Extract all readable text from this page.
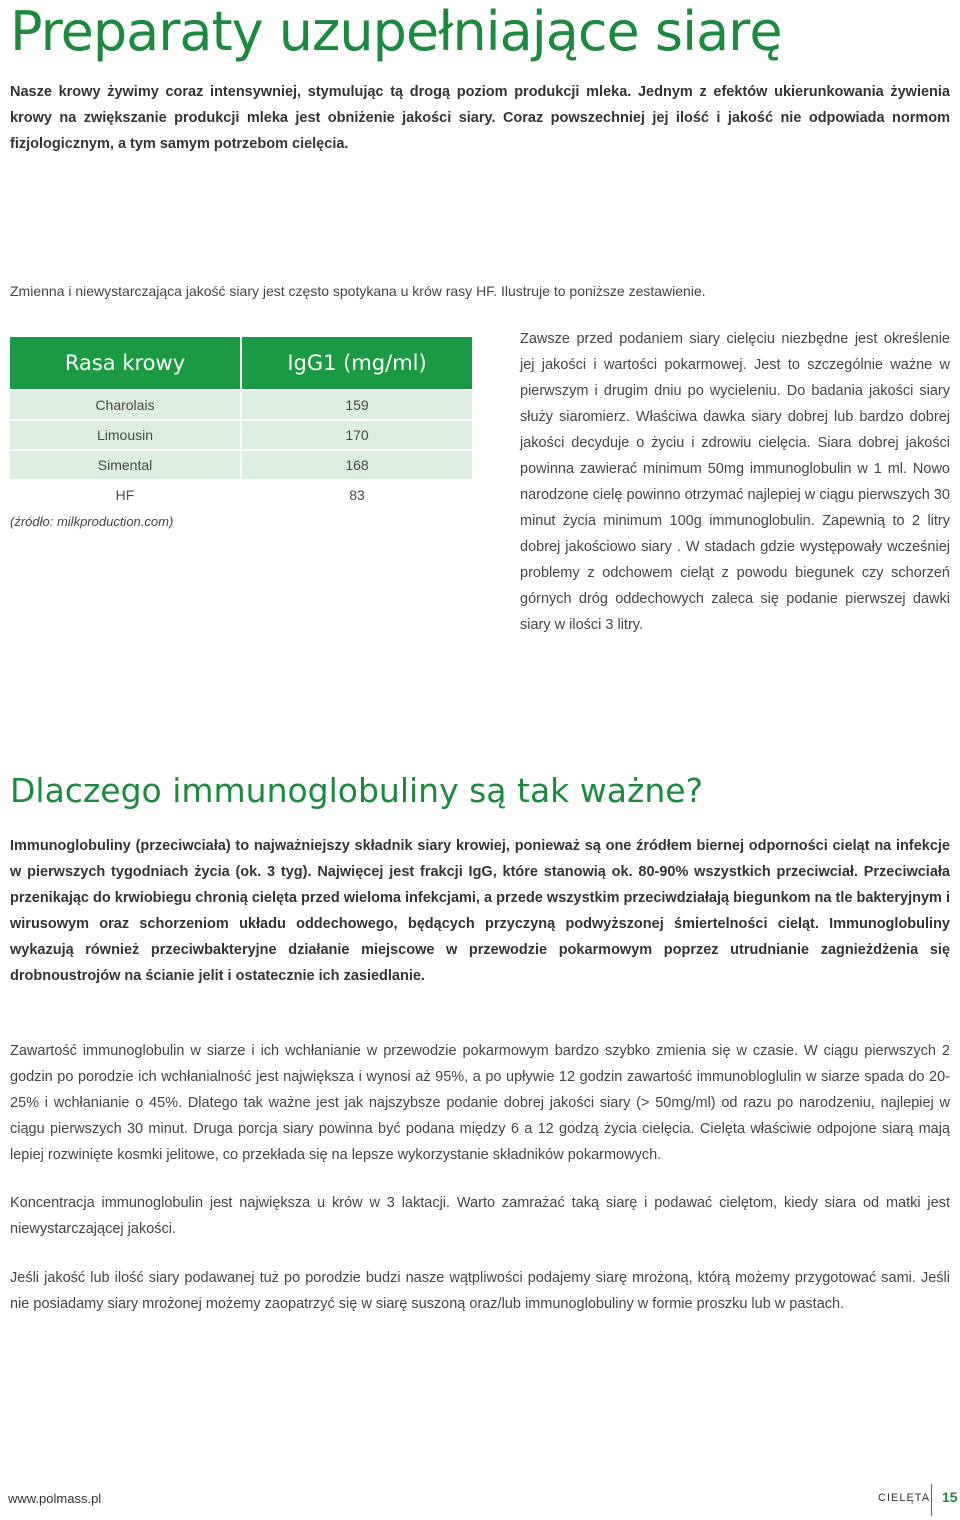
Preparaty uzupełniające siarę

Nasze krowy żywimy coraz intensywniej, stymulując tą drogą poziom produkcji mleka. Jednym z efektów ukierunkowania żywienia krowy na zwiększanie produkcji mleka jest obniżenie jakości siary. Coraz powszechniej jej ilość i jakość nie odpowiada normom fizjologicznym, a tym samym potrzebom cielęcia.

Zmienna i niewystarczająca jakość siary jest często spotykana u krów rasy HF. Ilustruje to poniższe zestawienie.

Rasa krowy	IgG1 (mg/ml)
Charolais	159
Limousin	170
Simental	168
HF	83
(źródło: milkproduction.com)

Zawsze przed podaniem siary cielęciu niezbędne jest określenie jej jakości i wartości pokarmowej. Jest to szczególnie ważne w pierwszym i drugim dniu po wycieleniu. Do badania jakości siary służy siaromierz. Właściwa dawka siary dobrej lub bardzo dobrej jakości decyduje o życiu i zdrowiu cielęcia. Siara dobrej jakości powinna zawierać minimum 50mg immunoglobulin w 1 ml. Nowo narodzone cielę powinno otrzymać najlepiej w ciągu pierwszych 30 minut życia minimum 100g immunoglobulin. Zapewnią to 2 litry dobrej jakościowo siary . W stadach gdzie występowały wcześniej problemy z odchowem cieląt z powodu biegunek czy schorzeń górnych dróg oddechowych zaleca się podanie pierwszej dawki siary w ilości 3 litry.

Dlaczego immunoglobuliny są tak ważne?

Immunoglobuliny (przeciwciała) to najważniejszy składnik siary krowiej, ponieważ są one źródłem biernej odporności cieląt na infekcje w pierwszych tygodniach życia (ok. 3 tyg). Najwięcej jest frakcji IgG, które stanowią ok. 80-90% wszystkich przeciwciał. Przeciwciała przenikając do krwiobiegu chronią cielęta przed wieloma infekcjami, a przede wszystkim przeciwdziałają biegunkom na tle bakteryjnym i wirusowym oraz schorzeniom układu oddechowego, będących przyczyną podwyższonej śmiertelności cieląt. Immunoglobuliny wykazują również przeciwbakteryjne działanie miejscowe w przewodzie pokarmowym poprzez utrudnianie zagnieżdżenia się drobnoustrojów na ścianie jelit i ostatecznie ich zasiedlanie.

Zawartość immunoglobulin w siarze i ich wchłanianie w przewodzie pokarmowym bardzo szybko zmienia się w czasie. W ciągu pierwszych 2 godzin po porodzie ich wchłanialność jest największa i wynosi aż 95%, a po upływie 12 godzin zawartość immunobloglulin w siarze spada do 20-25% i wchłanianie o 45%. Dlatego tak ważne jest jak najszybsze podanie dobrej jakości siary (> 50mg/ml) od razu po narodzeniu, najlepiej w ciągu pierwszych 30 minut. Druga porcja siary powinna być podana między 6 a 12 godzą życia cielęcia. Cielęta właściwie odpojone siarą mają lepiej rozwinięte kosmki jelitowe, co przekłada się na lepsze wykorzystanie składników pokarmowych.

Koncentracja immunoglobulin jest największa u krów w 3 laktacji. Warto zamrażać taką siarę i podawać cielętom, kiedy siara od matki jest niewystarczającej jakości.

Jeśli jakość lub ilość siary podawanej tuż po porodzie budzi nasze wątpliwości podajemy siarę mrożoną, którą możemy przygotować sami. Jeśli nie posiadamy siary mrożonej możemy zaopatrzyć się w siarę suszoną oraz/lub immunoglobuliny w formie proszku lub w pastach.

www.polmass.pl	CIELĘTA 15
